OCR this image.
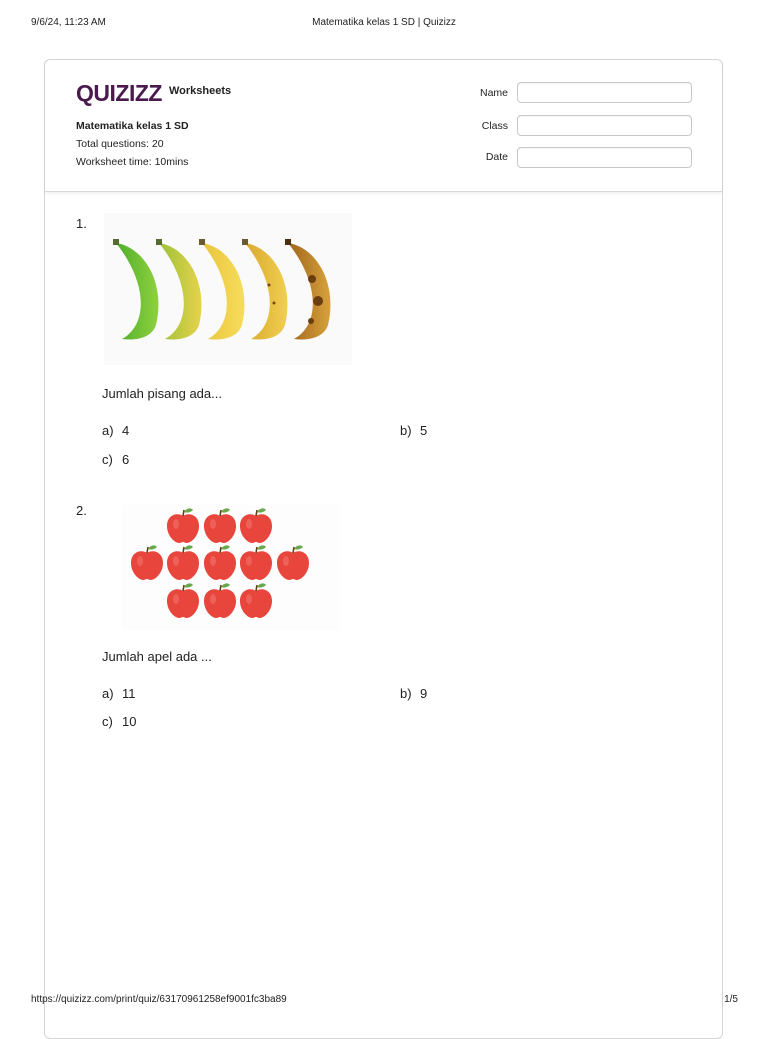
9/6/24, 11:23 AM	Matematika kelas 1 SD | Quizizz
QUIZIZZ Worksheets
Matematika kelas 1 SD
Total questions: 20
Worksheet time: 10mins
Name
Class
Date
1.
Jumlah pisang ada...
a) 4	b) 5
c) 6
2.
Jumlah apel ada ...
a) 11	b) 9
c) 10
https://quizizz.com/print/quiz/63170961258ef9001fc3ba89	1/5
